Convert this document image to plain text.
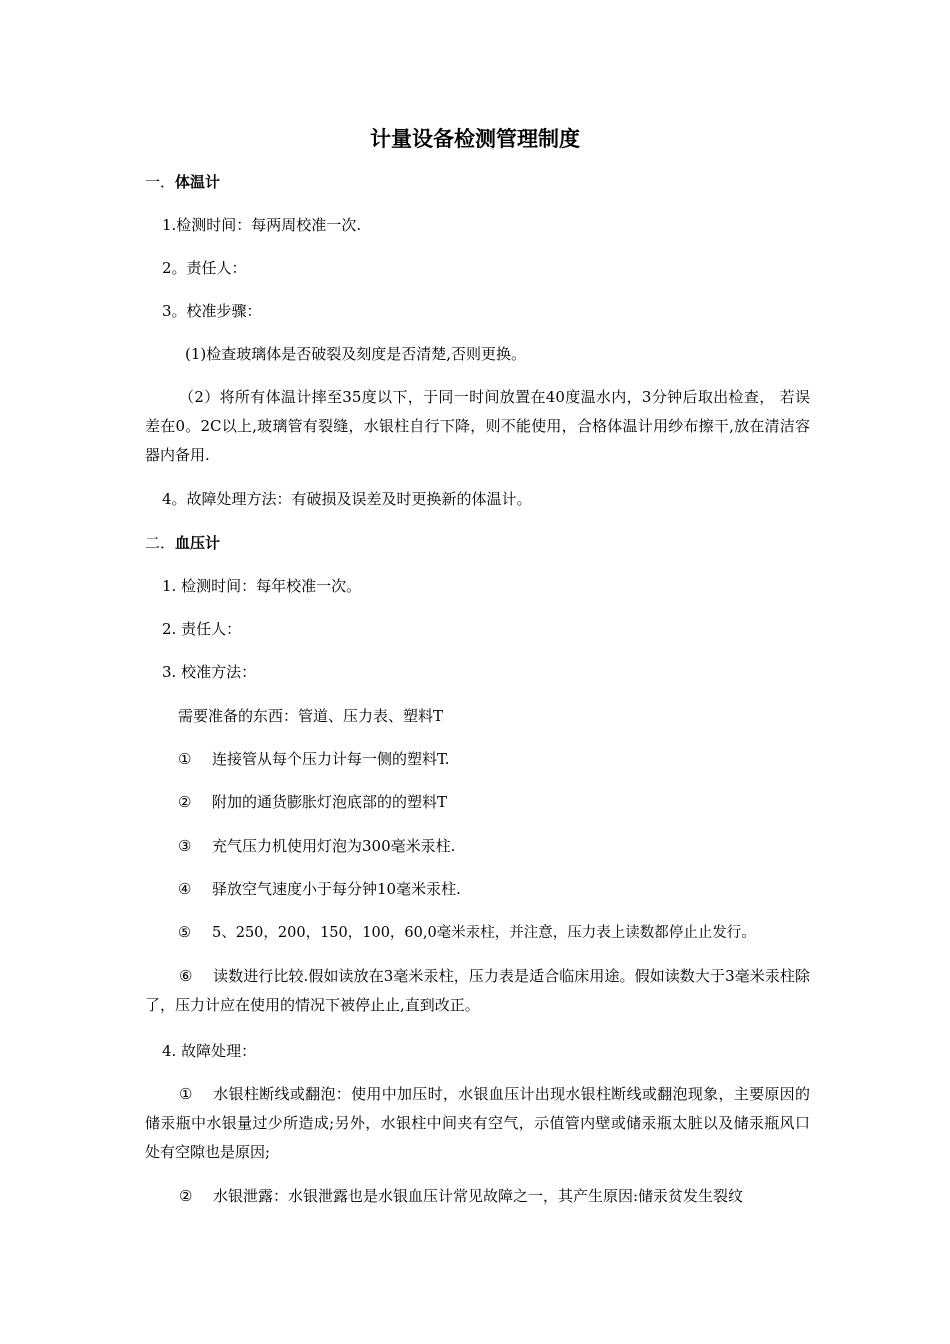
计量设备检测管理制度
一．体温计
1.检测时间：每两周校准一次.
2。责任人：
3。校准步骤：
(1)检查玻璃体是否破裂及刻度是否清楚,否则更换。
（2）将所有体温计摔至35度以下，于同一时间放置在40度温水内，3分钟后取出检查， 若误差在0。2C以上,玻璃管有裂缝，水银柱自行下降，则不能使用，合格体温计用纱布擦干,放在清洁容器内备用.
4。故障处理方法：有破损及误差及时更换新的体温计。
二．血压计
1. 检测时间：每年校准一次。
2. 责任人：
3. 校准方法：
需要准备的东西：管道、压力表、塑料T
① 连接管从每个压力计每一侧的塑料T.
② 附加的通货膨胀灯泡底部的的塑料T
③ 充气压力机使用灯泡为300毫米汞柱.
④ 驿放空气速度小于每分钟10毫米汞柱.
⑤ 5、250，200，150，100，60,0毫米汞柱，并注意，压力表上读数都停止止发行。
⑥ 读数进行比较.假如读放在3毫米汞柱，压力表是适合临床用途。假如读数大于3毫米汞柱除了，压力计应在使用的情况下被停止止,直到改正。
4. 故障处理：
① 水银柱断线或翻泡：使用中加压时，水银血压计出现水银柱断线或翻泡现象，主要原因的储汞瓶中水银量过少所造成;另外，水银柱中间夹有空气，示值管内壁或储汞瓶太脏以及储汞瓶风口处有空隙也是原因;
② 水银泄露：水银泄露也是水银血压计常见故障之一，其产生原因:储汞贫发生裂纹
